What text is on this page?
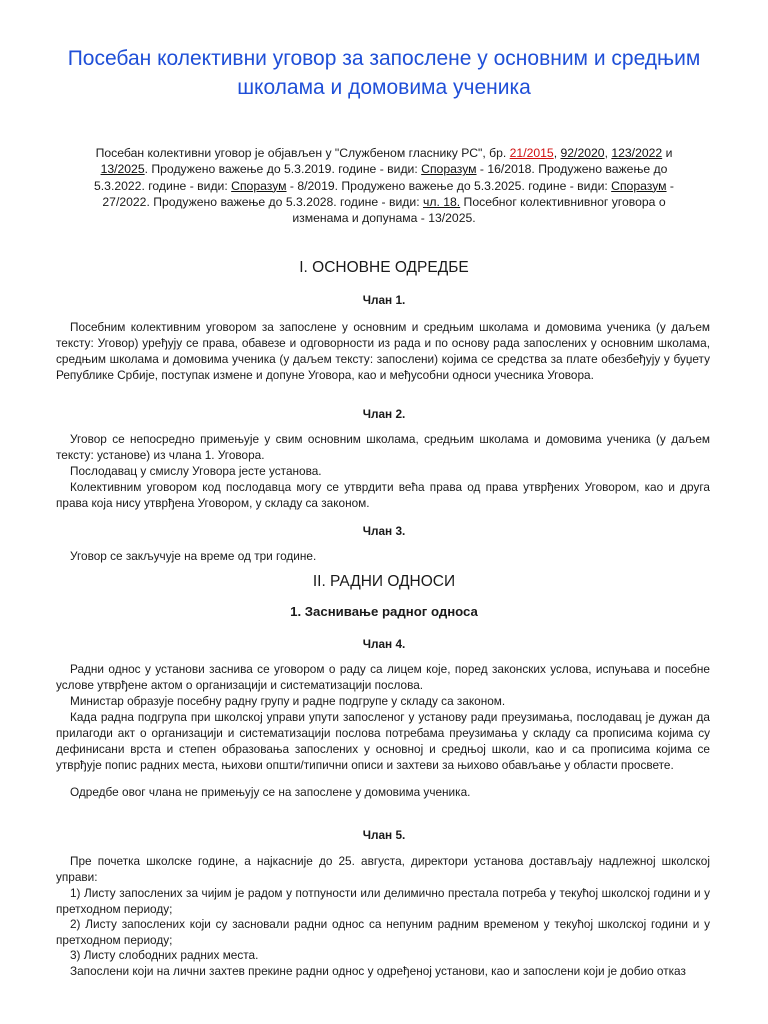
Посебан колективни уговор за запослене у основним и средњим школама и домовима ученика
Посебан колективни уговор је објављен у "Службеном гласнику РС", бр. 21/2015, 92/2020, 123/2022 и 13/2025. Продужено важење до 5.3.2019. године - види: Споразум - 16/2018. Продужено важење до 5.3.2022. године - види: Споразум - 8/2019. Продужено важење до 5.3.2025. године - види: Споразум - 27/2022. Продужено важење до 5.3.2028. године - види: чл. 18. Посебног колективнивног уговора о изменама и допунама - 13/2025.
I. ОСНОВНЕ ОДРЕДБЕ
Члан 1.

Посебним колективним уговором за запослене у основним и средњим школама и домовима ученика (у даљем тексту: Уговор) уређују се права, обавезе и одговорности из рада и по основу рада запослених у основним школама, средњим школама и домовима ученика (у даљем тексту: запослени) којима се средства за плате обезбеђују у буџету Републике Србије, поступак измене и допуне Уговора, као и међусобни односи учесника Уговора.

Члан 2.

Уговор се непосредно примењује у свим основним школама, средњим школама и домовима ученика (у даљем тексту: установе) из члана 1. Уговора.

Послодавац у смислу Уговора јесте установа.

Колективним уговором код послодавца могу се утврдити већа права од права утврђених Уговором, као и друга права која нису утврђена Уговором, у складу са законом.

Члан 3.

Уговор се закључује на време од три године.

II. РАДНИ ОДНОСИ
1. Заснивање радног односа
Члан 4.

Радни однос у установи заснива се уговором о раду са лицем које, поред законских услова, испуњава и посебне услове утврђене актом о организацији и систематизацији послова.

Министар образује посебну радну групу и радне подгрупе у складу са законом.

Када радна подгрупа при школској управи упути запосленог у установу ради преузимања, послодавац је дужан да прилагоди акт о организацији и систематизацији послова потребама преузимања у складу са прописима којима су дефинисани врста и степен образовања запослених у основној и средњој школи, као и са прописима којима се утврђује попис радних места, њихови општи/типични описи и захтеви за њихово обављање у области просвете.

Одредбе овог члана не примењују се на запослене у домовима ученика.

Члан 5.

Пре почетка школске године, а најкасније до 25. августа, директори установа достављају надлежној школској управи:

1) Листу запослених за чијим је радом у потпуности или делимично престала потреба у текућој школској години и у претходном периоду;

2) Листу запослених који су засновали радни однос са непуним радним временом у текућој школској години и у претходном периоду;

3) Листу слободних радних места.

Запослени који на лични захтев прекине радни однос у одређеној установи, као и запослени који је добио отказ
